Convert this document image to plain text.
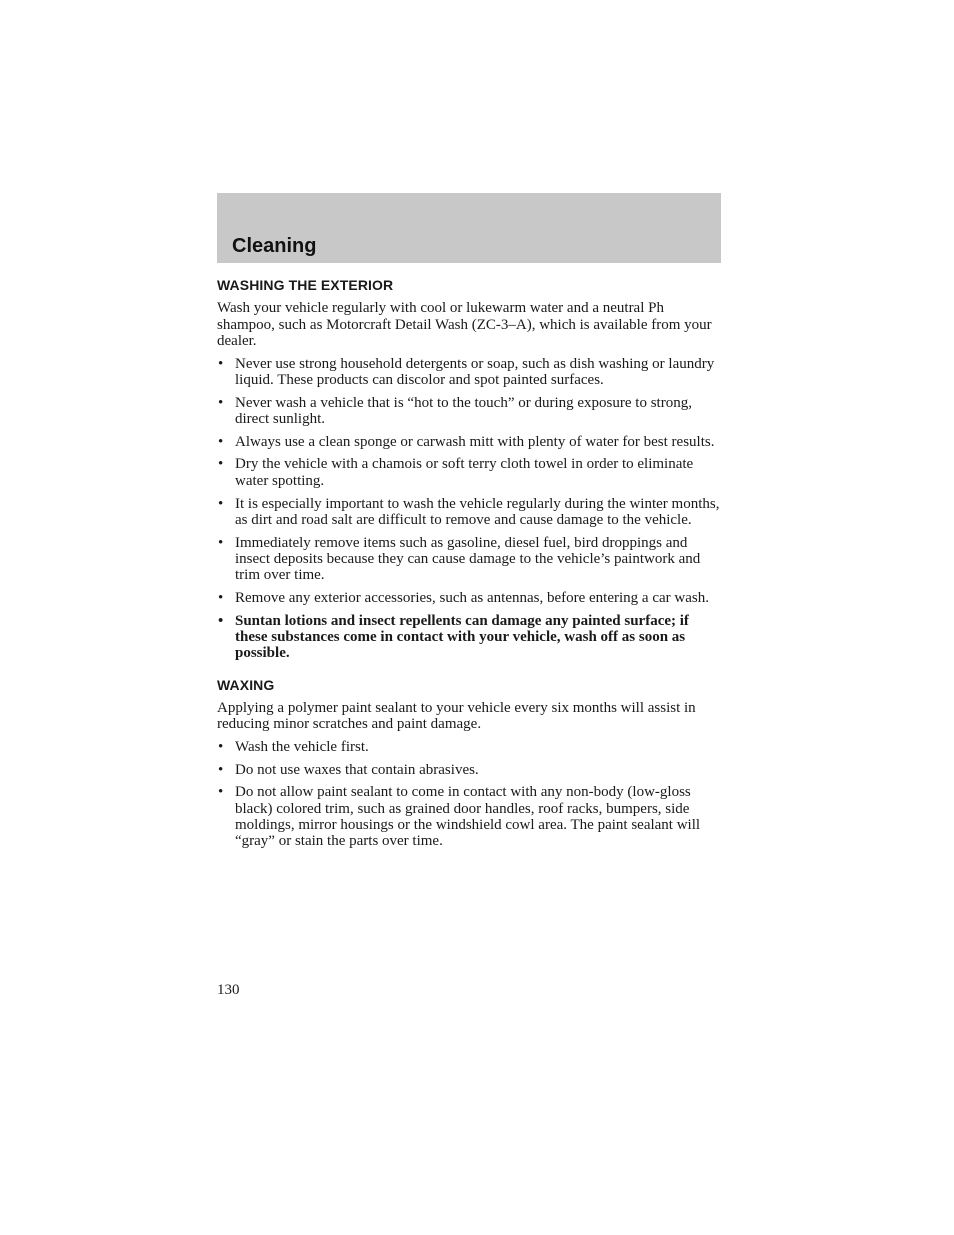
Cleaning
WASHING THE EXTERIOR

Wash your vehicle regularly with cool or lukewarm water and a neutral Ph shampoo, such as Motorcraft Detail Wash (ZC-3–A), which is available from your dealer.

• Never use strong household detergents or soap, such as dish washing or laundry liquid. These products can discolor and spot painted surfaces.
• Never wash a vehicle that is “hot to the touch” or during exposure to strong, direct sunlight.
• Always use a clean sponge or carwash mitt with plenty of water for best results.
• Dry the vehicle with a chamois or soft terry cloth towel in order to eliminate water spotting.
• It is especially important to wash the vehicle regularly during the winter months, as dirt and road salt are difficult to remove and cause damage to the vehicle.
• Immediately remove items such as gasoline, diesel fuel, bird droppings and insect deposits because they can cause damage to the vehicle’s paintwork and trim over time.
• Remove any exterior accessories, such as antennas, before entering a car wash.
• Suntan lotions and insect repellents can damage any painted surface; if these substances come in contact with your vehicle, wash off as soon as possible.
WAXING

Applying a polymer paint sealant to your vehicle every six months will assist in reducing minor scratches and paint damage.

• Wash the vehicle first.
• Do not use waxes that contain abrasives.
• Do not allow paint sealant to come in contact with any non-body (low-gloss black) colored trim, such as grained door handles, roof racks, bumpers, side moldings, mirror housings or the windshield cowl area. The paint sealant will “gray” or stain the parts over time.
130
